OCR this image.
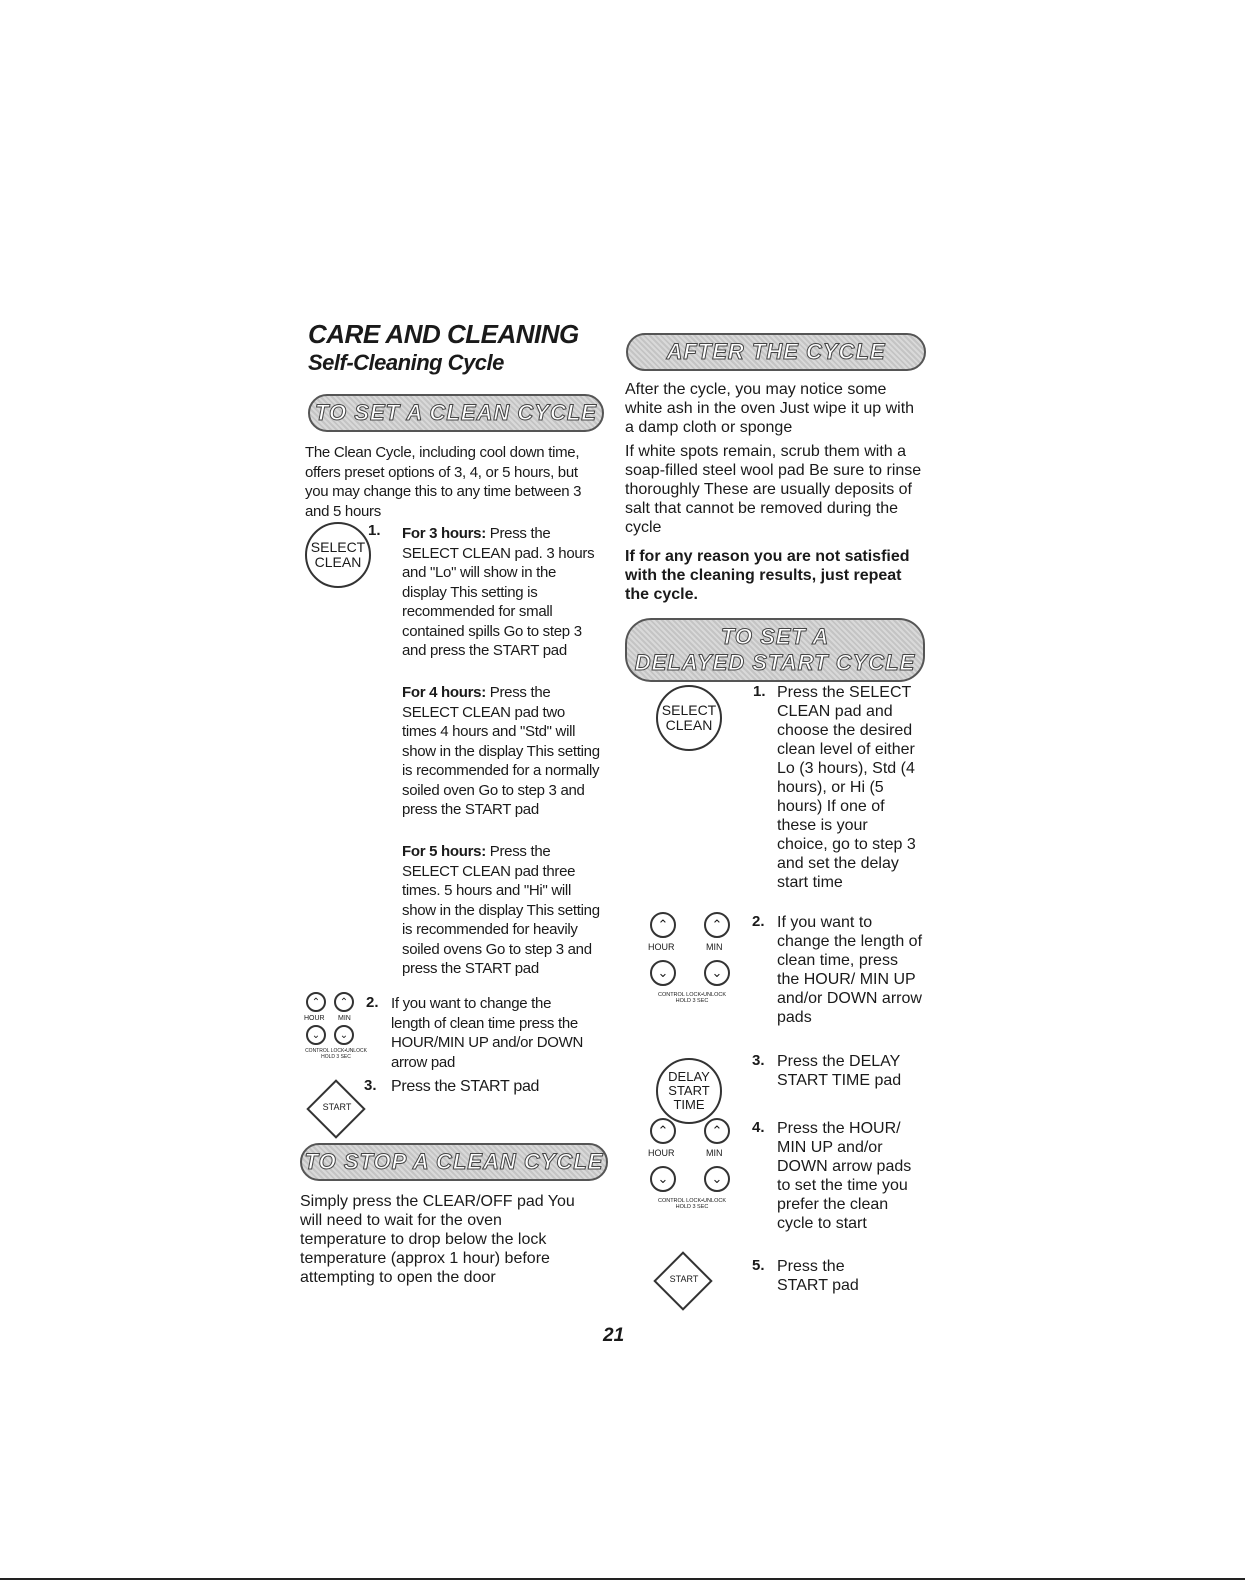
CARE AND CLEANING
Self-Cleaning Cycle
TO SET A CLEAN CYCLE
The Clean Cycle, including cool down time, offers preset options of 3, 4, or 5 hours, but you may change this to any time between 3 and 5 hours
SELECT
CLEAN
1. For 3 hours: Press the SELECT CLEAN pad. 3 hours and "Lo" will show in the display This setting is recommended for small contained spills Go to step 3 and press the START pad
For 4 hours: Press the SELECT CLEAN pad two times 4 hours and "Std" will show in the display This setting is recommended for a normally soiled oven Go to step 3 and press the START pad
For 5 hours: Press the SELECT CLEAN pad three times. 5 hours and "Hi" will show in the display This setting is recommended for heavily soiled ovens Go to step 3 and press the START pad
⌃	⌃
HOUR MIN
⌄	⌄
CONTROL LOCK•UNLOCK
HOLD 3 SEC
2. If you want to change the length of clean time press the HOUR/MIN UP and/or DOWN arrow pad
START
3. Press the START pad
TO STOP A CLEAN CYCLE
Simply press the CLEAR/OFF pad You will need to wait for the oven temperature to drop below the lock temperature (approx 1 hour) before attempting to open the door
AFTER THE CYCLE
After the cycle, you may notice some white ash in the oven Just wipe it up with a damp cloth or sponge
If white spots remain, scrub them with a soap-filled steel wool pad Be sure to rinse thoroughly These are usually deposits of salt that cannot be removed during the cycle
If for any reason you are not satisfied with the cleaning results, just repeat the cycle.
TO SET A
DELAYED START CYCLE
SELECT
CLEAN
1. Press the SELECT CLEAN pad and choose the desired clean level of either Lo (3 hours), Std (4 hours), or Hi (5 hours) If one of these is your choice, go to step 3 and set the delay start time
⌃	⌃
HOUR	MIN
⌄	⌄
CONTROL LOCK•UNLOCK
HOLD 3 SEC
2. If you want to change the length of clean time, press the HOUR/ MIN UP and/or DOWN arrow pads
DELAY
START
TIME
3. Press the DELAY START TIME pad
⌃	⌃
HOUR	MIN
⌄	⌄
CONTROL LOCK•UNLOCK
HOLD 3 SEC
4. Press the HOUR/ MIN UP and/or DOWN arrow pads to set the time you prefer the clean cycle to start
START
5. Press the START pad
21
